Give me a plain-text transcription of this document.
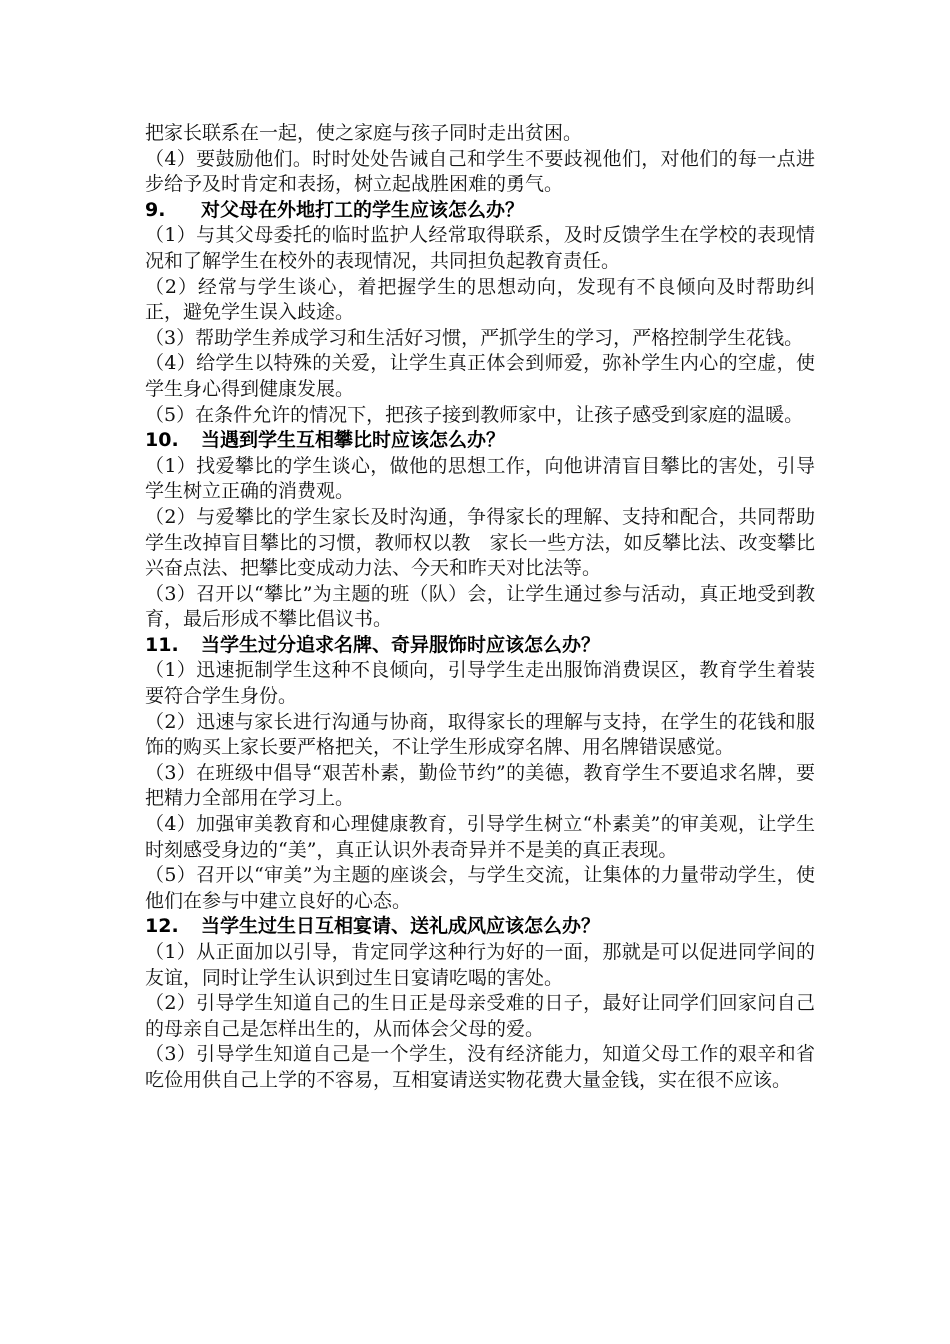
把家长联系在一起，使之家庭与孩子同时走出贫困。

（4）要鼓励他们。时时处处告诫自己和学生不要歧视他们，对他们的每一点进步给予及时肯定和表扬，树立起战胜困难的勇气。

9. 对父母在外地打工的学生应该怎么办？

（1）与其父母委托的临时监护人经常取得联系，及时反馈学生在学校的表现情况和了解学生在校外的表现情况，共同担负起教育责任。

（2）经常与学生谈心，着把握学生的思想动向，发现有不良倾向及时帮助纠正，避免学生误入歧途。

（3）帮助学生养成学习和生活好习惯，严抓学生的学习，严格控制学生花钱。

（4）给学生以特殊的关爱，让学生真正体会到师爱，弥补学生内心的空虚，使学生身心得到健康发展。

（5）在条件允许的情况下，把孩子接到教师家中，让孩子感受到家庭的温暖。

10. 当遇到学生互相攀比时应该怎么办？

（1）找爱攀比的学生谈心，做他的思想工作，向他讲清盲目攀比的害处，引导学生树立正确的消费观。

（2）与爱攀比的学生家长及时沟通，争得家长的理解、支持和配合，共同帮助学生改掉盲目攀比的习惯，教师权以教　家长一些方法，如反攀比法、改变攀比兴奋点法、把攀比变成动力法、今天和昨天对比法等。

（3）召开以“攀比”为主题的班（队）会，让学生通过参与活动，真正地受到教育，最后形成不攀比倡议书。

11. 当学生过分追求名牌、奇异服饰时应该怎么办？

（1）迅速扼制学生这种不良倾向，引导学生走出服饰消费误区，教育学生着装要符合学生身份。

（2）迅速与家长进行沟通与协商，取得家长的理解与支持，在学生的花钱和服饰的购买上家长要严格把关，不让学生形成穿名牌、用名牌错误感觉。

（3）在班级中倡导“艰苦朴素，勤俭节约”的美德，教育学生不要追求名牌，要把精力全部用在学习上。

（4）加强审美教育和心理健康教育，引导学生树立“朴素美”的审美观，让学生时刻感受身边的“美”，真正认识外表奇异并不是美的真正表现。

（5）召开以“审美”为主题的座谈会，与学生交流，让集体的力量带动学生，使他们在参与中建立良好的心态。

12. 当学生过生日互相宴请、送礼成风应该怎么办？

（1）从正面加以引导，肯定同学这种行为好的一面，那就是可以促进同学间的友谊，同时让学生认识到过生日宴请吃喝的害处。

（2）引导学生知道自己的生日正是母亲受难的日子，最好让同学们回家问自己的母亲自己是怎样出生的，从而体会父母的爱。

（3）引导学生知道自己是一个学生，没有经济能力，知道父母工作的艰辛和省吃俭用供自己上学的不容易，互相宴请送实物花费大量金钱，实在很不应该。
